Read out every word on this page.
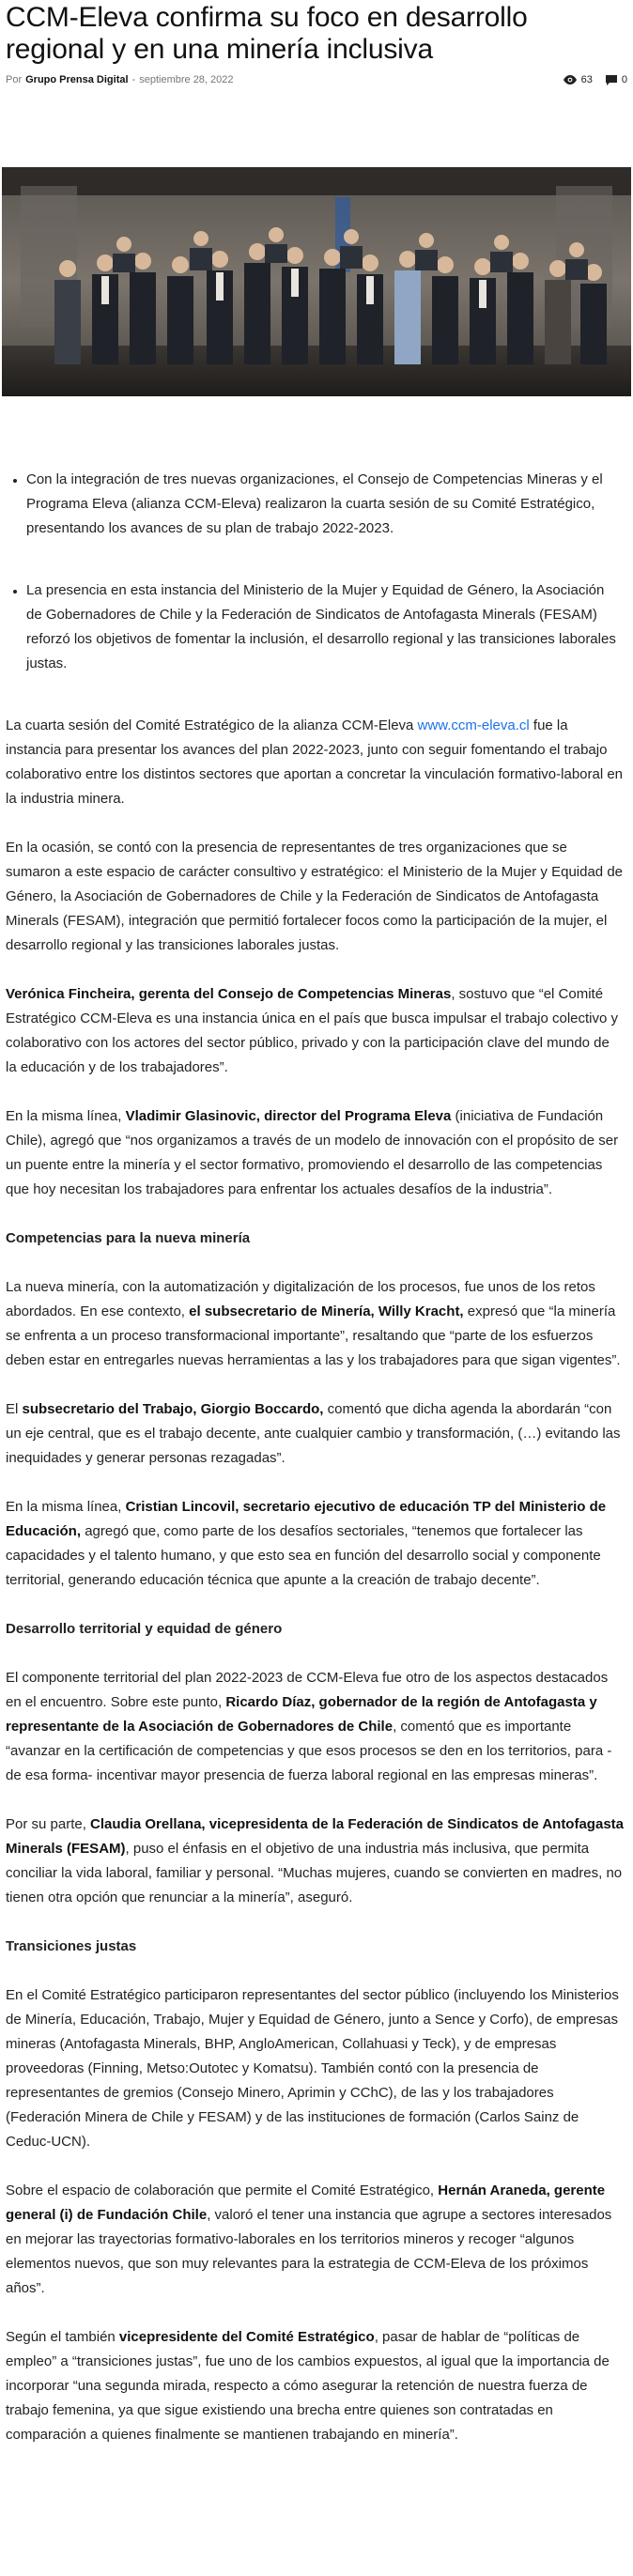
CCM-Eleva confirma su foco en desarrollo regional y en una minería inclusiva
Por Grupo Prensa Digital - septiembre 28, 2022	63	0
• Con la integración de tres nuevas organizaciones, el Consejo de Competencias Mineras y el Programa Eleva (alianza CCM-Eleva) realizaron la cuarta sesión de su Comité Estratégico, presentando los avances de su plan de trabajo 2022-2023.
• La presencia en esta instancia del Ministerio de la Mujer y Equidad de Género, la Asociación de Gobernadores de Chile y la Federación de Sindicatos de Antofagasta Minerals (FESAM) reforzó los objetivos de fomentar la inclusión, el desarrollo regional y las transiciones laborales justas.

La cuarta sesión del Comité Estratégico de la alianza CCM-Eleva www.ccm-eleva.cl fue la instancia para presentar los avances del plan 2022-2023, junto con seguir fomentando el trabajo colaborativo entre los distintos sectores que aportan a concretar la vinculación formativo-laboral en la industria minera.

En la ocasión, se contó con la presencia de representantes de tres organizaciones que se sumaron a este espacio de carácter consultivo y estratégico: el Ministerio de la Mujer y Equidad de Género, la Asociación de Gobernadores de Chile y la Federación de Sindicatos de Antofagasta Minerals (FESAM), integración que permitió fortalecer focos como la participación de la mujer, el desarrollo regional y las transiciones laborales justas.

Verónica Fincheira, gerenta del Consejo de Competencias Mineras, sostuvo que “el Comité Estratégico CCM-Eleva es una instancia única en el país que busca impulsar el trabajo colectivo y colaborativo con los actores del sector público, privado y con la participación clave del mundo de la educación y de los trabajadores”.

En la misma línea, Vladimir Glasinovic, director del Programa Eleva (iniciativa de Fundación Chile), agregó que “nos organizamos a través de un modelo de innovación con el propósito de ser un puente entre la minería y el sector formativo, promoviendo el desarrollo de las competencias que hoy necesitan los trabajadores para enfrentar los actuales desafíos de la industria”.

Competencias para la nueva minería

La nueva minería, con la automatización y digitalización de los procesos, fue unos de los retos abordados. En ese contexto, el subsecretario de Minería, Willy Kracht, expresó que “la minería se enfrenta a un proceso transformacional importante”, resaltando que “parte de los esfuerzos deben estar en entregarles nuevas herramientas a las y los trabajadores para que sigan vigentes”.

El subsecretario del Trabajo, Giorgio Boccardo, comentó que dicha agenda la abordarán “con un eje central, que es el trabajo decente, ante cualquier cambio y transformación, (…) evitando las inequidades y generar personas rezagadas”.

En la misma línea, Cristian Lincovil, secretario ejecutivo de educación TP del Ministerio de Educación, agregó que, como parte de los desafíos sectoriales, “tenemos que fortalecer las capacidades y el talento humano, y que esto sea en función del desarrollo social y componente territorial, generando educación técnica que apunte a la creación de trabajo decente”.

Desarrollo territorial y equidad de género

El componente territorial del plan 2022-2023 de CCM-Eleva fue otro de los aspectos destacados en el encuentro. Sobre este punto, Ricardo Díaz, gobernador de la región de Antofagasta y representante de la Asociación de Gobernadores de Chile, comentó que es importante “avanzar en la certificación de competencias y que esos procesos se den en los territorios, para -de esa forma- incentivar mayor presencia de fuerza laboral regional en las empresas mineras”.

Por su parte, Claudia Orellana, vicepresidenta de la Federación de Sindicatos de Antofagasta Minerals (FESAM), puso el énfasis en el objetivo de una industria más inclusiva, que permita conciliar la vida laboral, familiar y personal. “Muchas mujeres, cuando se convierten en madres, no tienen otra opción que renunciar a la minería”, aseguró.

Transiciones justas

En el Comité Estratégico participaron representantes del sector público (incluyendo los Ministerios de Minería, Educación, Trabajo, Mujer y Equidad de Género, junto a Sence y Corfo), de empresas mineras (Antofagasta Minerals, BHP, AngloAmerican, Collahuasi y Teck), y de empresas proveedoras (Finning, Metso:Outotec y Komatsu). También contó con la presencia de representantes de gremios (Consejo Minero, Aprimin y CChC), de las y los trabajadores (Federación Minera de Chile y FESAM) y de las instituciones de formación (Carlos Sainz de Ceduc-UCN).

Sobre el espacio de colaboración que permite el Comité Estratégico, Hernán Araneda, gerente general (i) de Fundación Chile, valoró el tener una instancia que agrupe a sectores interesados en mejorar las trayectorias formativo-laborales en los territorios mineros y recoger “algunos elementos nuevos, que son muy relevantes para la estrategia de CCM-Eleva de los próximos años”.

Según el también vicepresidente del Comité Estratégico, pasar de hablar de “políticas de empleo” a “transiciones justas”, fue uno de los cambios expuestos, al igual que la importancia de incorporar “una segunda mirada, respecto a cómo asegurar la retención de nuestra fuerza de trabajo femenina, ya que sigue existiendo una brecha entre quienes son contratadas en comparación a quienes finalmente se mantienen trabajando en minería”.
